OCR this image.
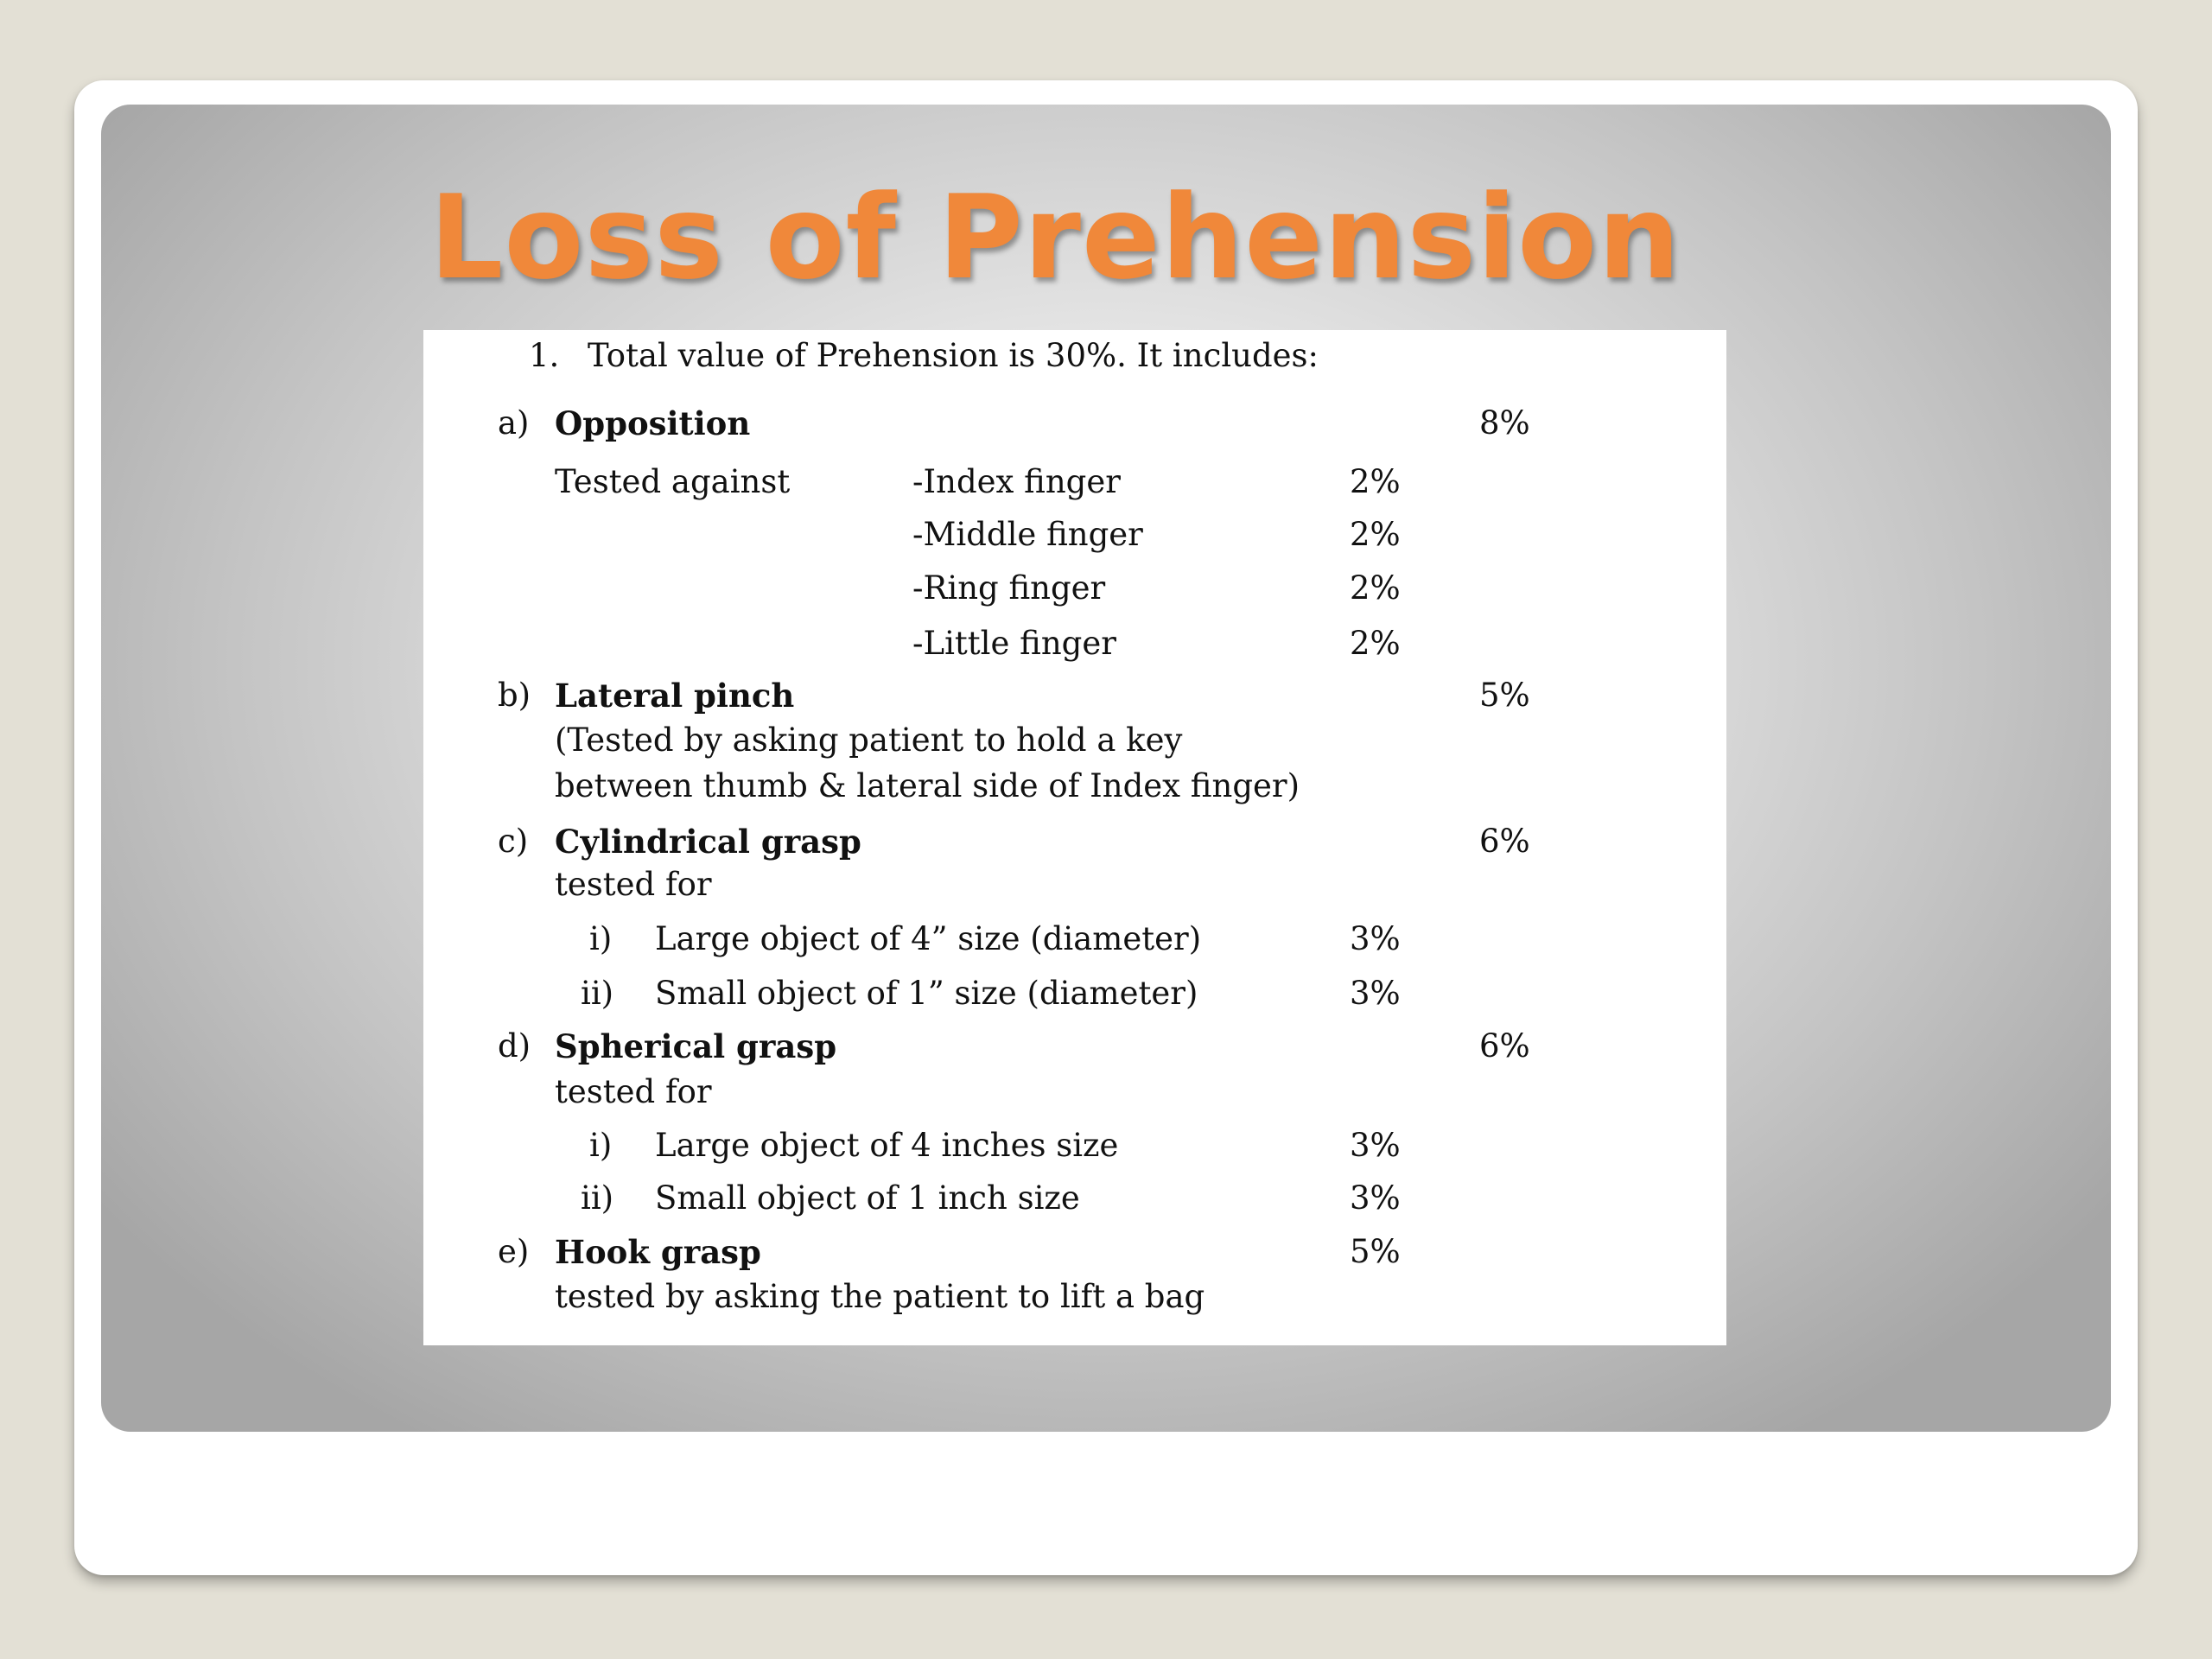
Loss of Prehension
1. Total value of Prehension is 30%. It includes:
a) Opposition	8%
Tested against	-Index finger	2%
-Middle finger	2%
-Ring finger	2%
-Little finger	2%
b) Lateral pinch	5%
(Tested by asking patient to hold a key
between thumb & lateral side of Index finger)
c) Cylindrical grasp	6%
tested for
i) Large object of 4” size (diameter)	3%
ii) Small object of 1” size (diameter)	3%
d) Spherical grasp	6%
tested for
i) Large object of 4 inches size	3%
ii) Small object of 1 inch size	3%
e) Hook grasp	5%
tested by asking the patient to lift a bag
